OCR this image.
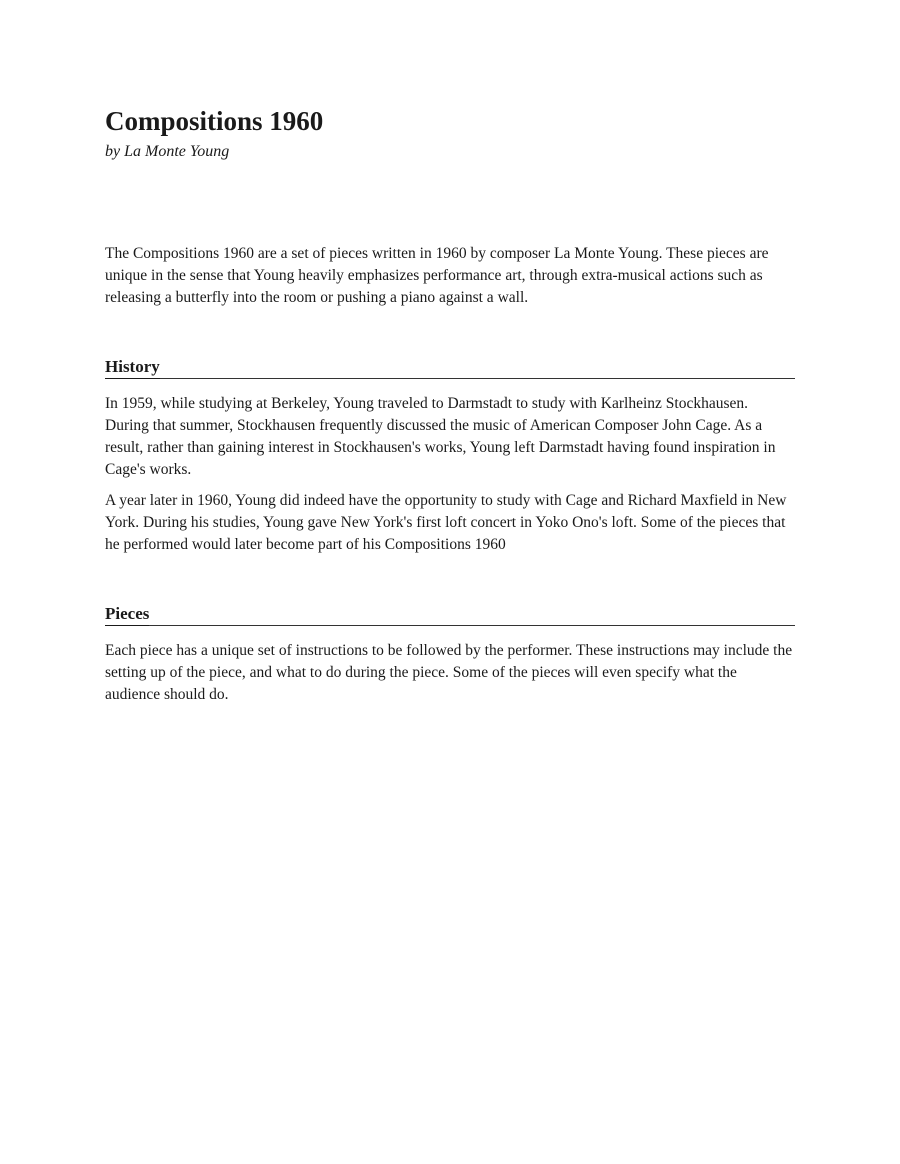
Compositions 1960

by La Monte Young

The Compositions 1960 are a set of pieces written in 1960 by composer La Monte Young. These pieces are unique in the sense that Young heavily emphasizes performance art, through extra-musical actions such as releasing a butterfly into the room or pushing a piano against a wall.

History

In 1959, while studying at Berkeley, Young traveled to Darmstadt to study with Karlheinz Stockhausen. During that summer, Stockhausen frequently discussed the music of American Composer John Cage. As a result, rather than gaining interest in Stockhausen's works, Young left Darmstadt having found inspiration in Cage's works.

A year later in 1960, Young did indeed have the opportunity to study with Cage and Richard Maxfield in New York. During his studies, Young gave New York's first loft concert in Yoko Ono's loft. Some of the pieces that he performed would later become part of his Compositions 1960

Pieces

Each piece has a unique set of instructions to be followed by the performer. These instructions may include the setting up of the piece, and what to do during the piece. Some of the pieces will even specify what the audience should do.
